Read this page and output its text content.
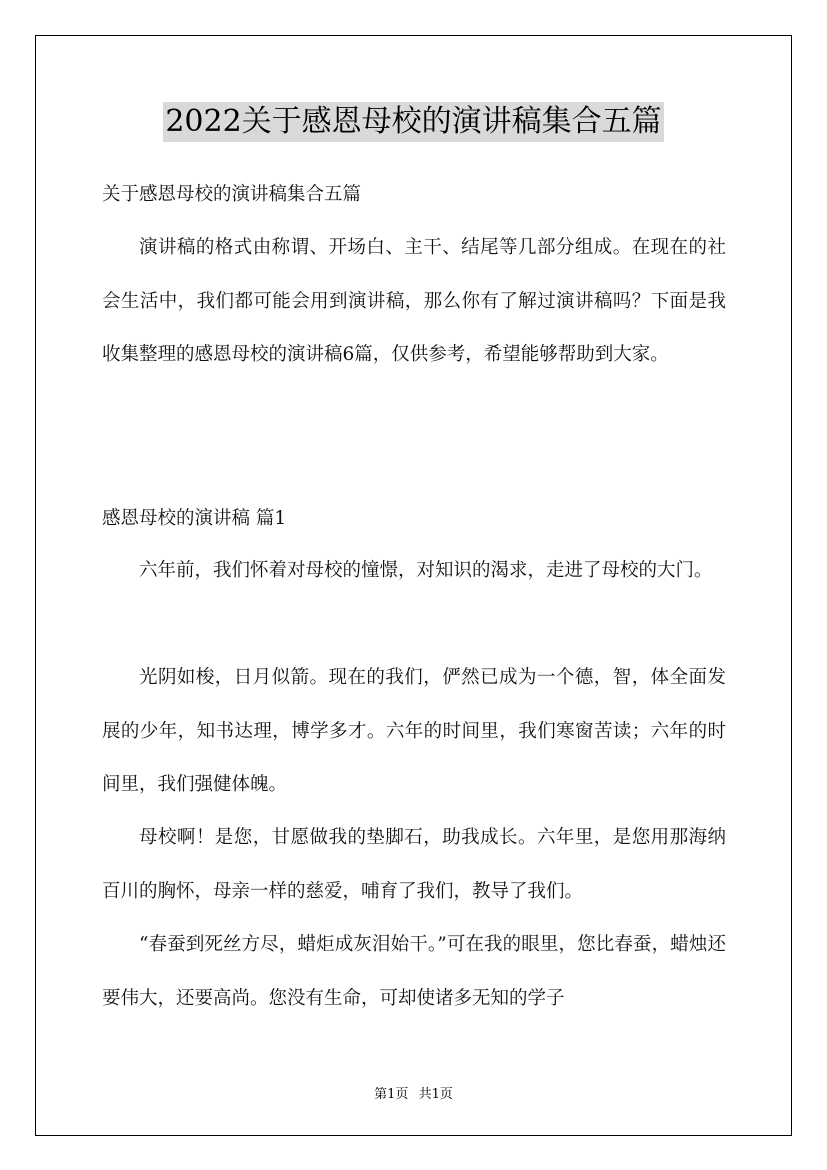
2022关于感恩母校的演讲稿集合五篇

关于感恩母校的演讲稿集合五篇

演讲稿的格式由称谓、开场白、主干、结尾等几部分组成。在现在的社会生活中，我们都可能会用到演讲稿，那么你有了解过演讲稿吗？下面是我收集整理的感恩母校的演讲稿6篇，仅供参考，希望能够帮助到大家。

感恩母校的演讲稿 篇1

六年前，我们怀着对母校的憧憬，对知识的渴求，走进了母校的大门。

光阴如梭，日月似箭。现在的我们，俨然已成为一个德，智，体全面发展的少年，知书达理，博学多才。六年的时间里，我们寒窗苦读；六年的时间里，我们强健体魄。

母校啊！是您，甘愿做我的垫脚石，助我成长。六年里，是您用那海纳百川的胸怀，母亲一样的慈爱，哺育了我们，教导了我们。

“春蚕到死丝方尽，蜡炬成灰泪始干。”可在我的眼里，您比春蚕，蜡烛还要伟大，还要高尚。您没有生命，可却使诸多无知的学子

第1页 共1页
